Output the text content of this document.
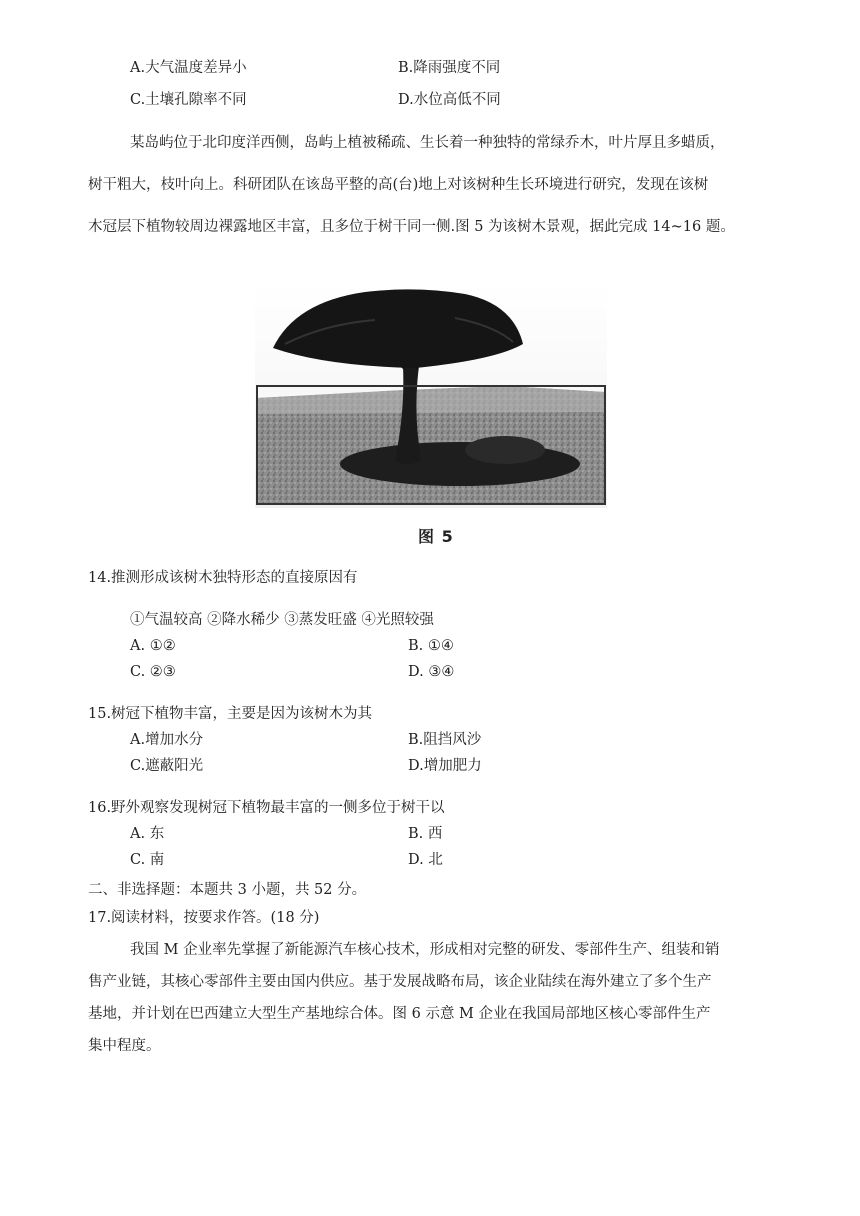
A.大气温度差异小	B.降雨强度不同
C.土壤孔隙率不同	D.水位高低不同
某岛屿位于北印度洋西侧，岛屿上植被稀疏、生长着一种独特的常绿乔木，叶片厚且多蜡质，
树干粗大，枝叶向上。科研团队在该岛平整的高(台)地上对该树种生长环境进行研究，发现在该树
木冠层下植物较周边裸露地区丰富，且多位于树干同一侧.图 5 为该树木景观，据此完成 14~16 题。
图 5
14.推测形成该树木独特形态的直接原因有
①气温较高 ②降水稀少 ③蒸发旺盛 ④光照较强
A. ①②	B. ①④
C. ②③	D. ③④
15.树冠下植物丰富，主要是因为该树木为其
A.增加水分	B.阻挡风沙
C.遮蔽阳光	D.增加肥力
16.野外观察发现树冠下植物最丰富的一侧多位于树干以
A. 东	B. 西
C. 南	D. 北
二、非选择题：本题共 3 小题，共 52 分。
17.阅读材料，按要求作答。(18 分)
我国 M 企业率先掌握了新能源汽车核心技术，形成相对完整的研发、零部件生产、组装和销
售产业链，其核心零部件主要由国内供应。基于发展战略布局，该企业陆续在海外建立了多个生产
基地，并计划在巴西建立大型生产基地综合体。图 6 示意 M 企业在我国局部地区核心零部件生产
集中程度。
